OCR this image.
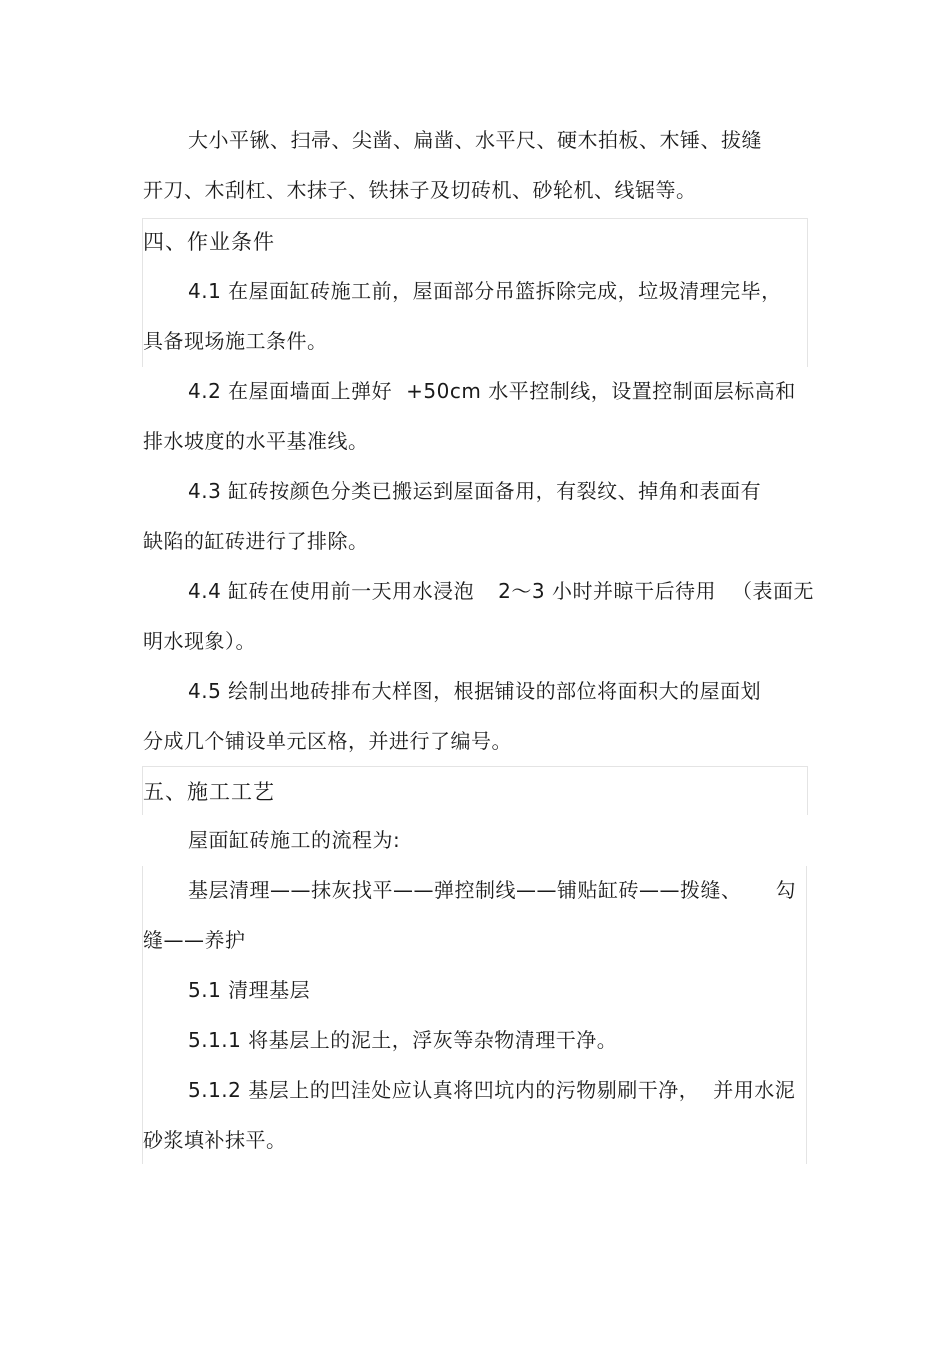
大小平锹、扫帚、尖凿、扁凿、水平尺、硬木拍板、木锤、拔缝
开刀、木刮杠、木抹子、铁抹子及切砖机、砂轮机、线锯等。
四、作业条件
4.1 在屋面缸砖施工前，屋面部分吊篮拆除完成，垃圾清理完毕，
具备现场施工条件。
4.2 在屋面墙面上弹好 +50cm 水平控制线，设置控制面层标高和
排水坡度的水平基准线。
4.3 缸砖按颜色分类已搬运到屋面备用，有裂纹、掉角和表面有
缺陷的缸砖进行了排除。
4.4 缸砖在使用前一天用水浸泡 2～3 小时并晾干后待用 （表面无
明水现象）。
4.5 绘制出地砖排布大样图，根据铺设的部位将面积大的屋面划
分成几个铺设单元区格，并进行了编号。
五、施工工艺
屋面缸砖施工的流程为:
基层清理——抹灰找平——弹控制线——铺贴缸砖——拨缝、 勾
缝——养护
5.1 清理基层
5.1.1 将基层上的泥土，浮灰等杂物清理干净。
5.1.2 基层上的凹洼处应认真将凹坑内的污物剔刷干净， 并用水泥
砂浆填补抹平。
